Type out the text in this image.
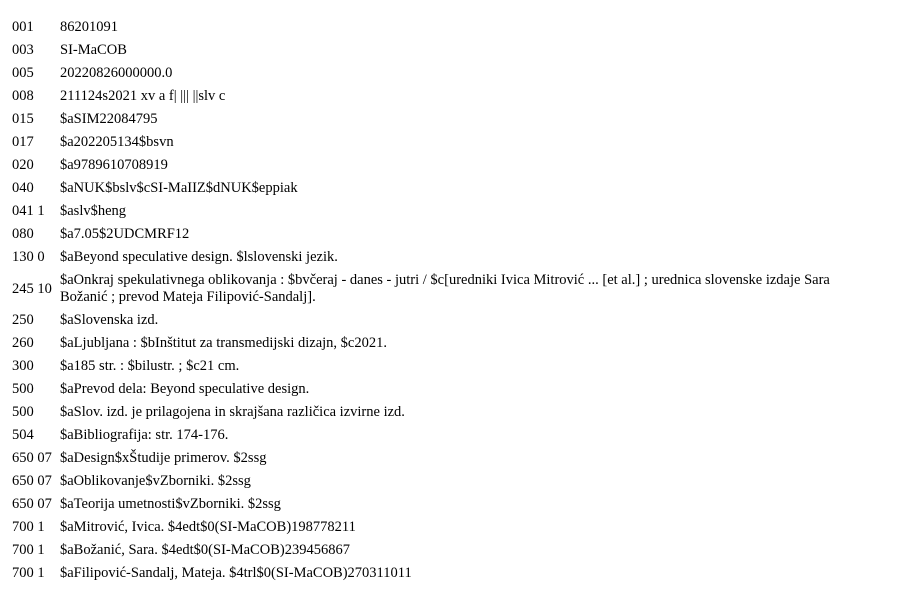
001	86201091
003	SI-MaCOB
005	20220826000000.0
008	211124s2021 xv a f| ||| ||slv c
015	$aSIM22084795
017	$a202205134$bsvn
020	$a9789610708919
040	$aNUK$bslv$cSI-MaIIZ$dNUK$eppiak
041 1	$aslv$heng
080	$a7.05$2UDCMRF12
130 0	$aBeyond speculative design. $lslovenski jezik.
245 10	$aOnkraj spekulativnega oblikovanja : $bvčeraj - danes - jutri / $c[uredniki Ivica Mitrović ... [et al.] ; urednica slovenske izdaje Sara Božanić ; prevod Mateja Filipović-Sandalj].
250	$aSlovenska izd.
260	$aLjubljana : $bInštitut za transmedijski dizajn, $c2021.
300	$a185 str. : $bilustr. ; $c21 cm.
500	$aPrevod dela: Beyond speculative design.
500	$aSlov. izd. je prilagojena in skrajšana različica izvirne izd.
504	$aBibliografija: str. 174-176.
650 07	$aDesign$xŠtudije primerov. $2ssg
650 07	$aOblikovanje$vZborniki. $2ssg
650 07	$aTeorija umetnosti$vZborniki. $2ssg
700 1	$aMitrović, Ivica. $4edt$0(SI-MaCOB)198778211
700 1	$aBožanić, Sara. $4edt$0(SI-MaCOB)239456867
700 1	$aFilipović-Sandalj, Mateja. $4trl$0(SI-MaCOB)270311011
